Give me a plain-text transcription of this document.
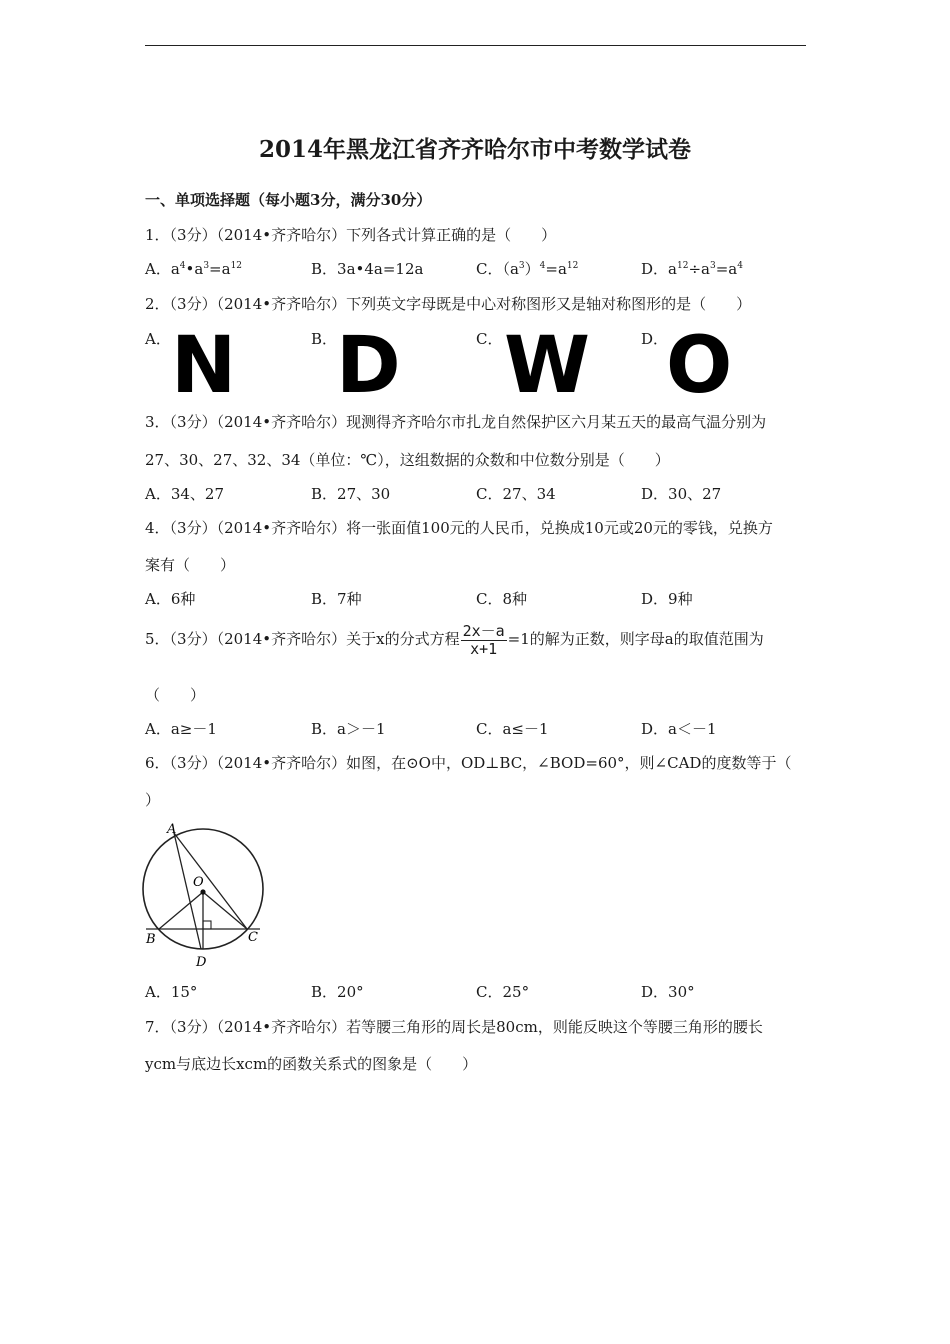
2014年黑龙江省齐齐哈尔市中考数学试卷
一、单项选择题（每小题3分，满分30分）
1．（3分）（2014•齐齐哈尔）下列各式计算正确的是（　　）
A．$a^4•a^3=a^{12}$	B．3a•4a=12a	C．$(a^3)^4=a^{12}$	D．$a^{12}\div a^3=a^4$
2．（3分）（2014•齐齐哈尔）下列英文字母既是中心对称图形又是轴对称图形的是（　　）
A．	B．	C．	D．
N D W O
3．（3分）（2014•齐齐哈尔）现测得齐齐哈尔市扎龙自然保护区六月某五天的最高气温分别为
27、30、27、32、34（单位：℃），这组数据的众数和中位数分别是（　　）
A．34、27	B．27、30	C．27、34	D．30、27
4．（3分）（2014•齐齐哈尔）将一张面值100元的人民币，兑换成10元或20元的零钱，兑换方
案有（　　）
A．6种	B．7种	C．8种	D．9种
5．（3分）（2014•齐齐哈尔）关于x的分式方程 $\frac{2x-a}{x+1} =1$的解为正数，则字母a的取值范围为
（　　）
A．a≥－1	B．a＞－1	C．a≤－1	D．a＜－1
6．（3分）（2014•齐齐哈尔）如图，在⊙O中，OD⊥BC，∠BOD=60°，则∠CAD的度数等于（
）
A
O
B	C
D
A．15°	B．20°	C．25°	D．30°
7．（3分）（2014•齐齐哈尔）若等腰三角形的周长是80cm，则能反映这个等腰三角形的腰长
ycm与底边长xcm的函数关系式的图象是（　　）
